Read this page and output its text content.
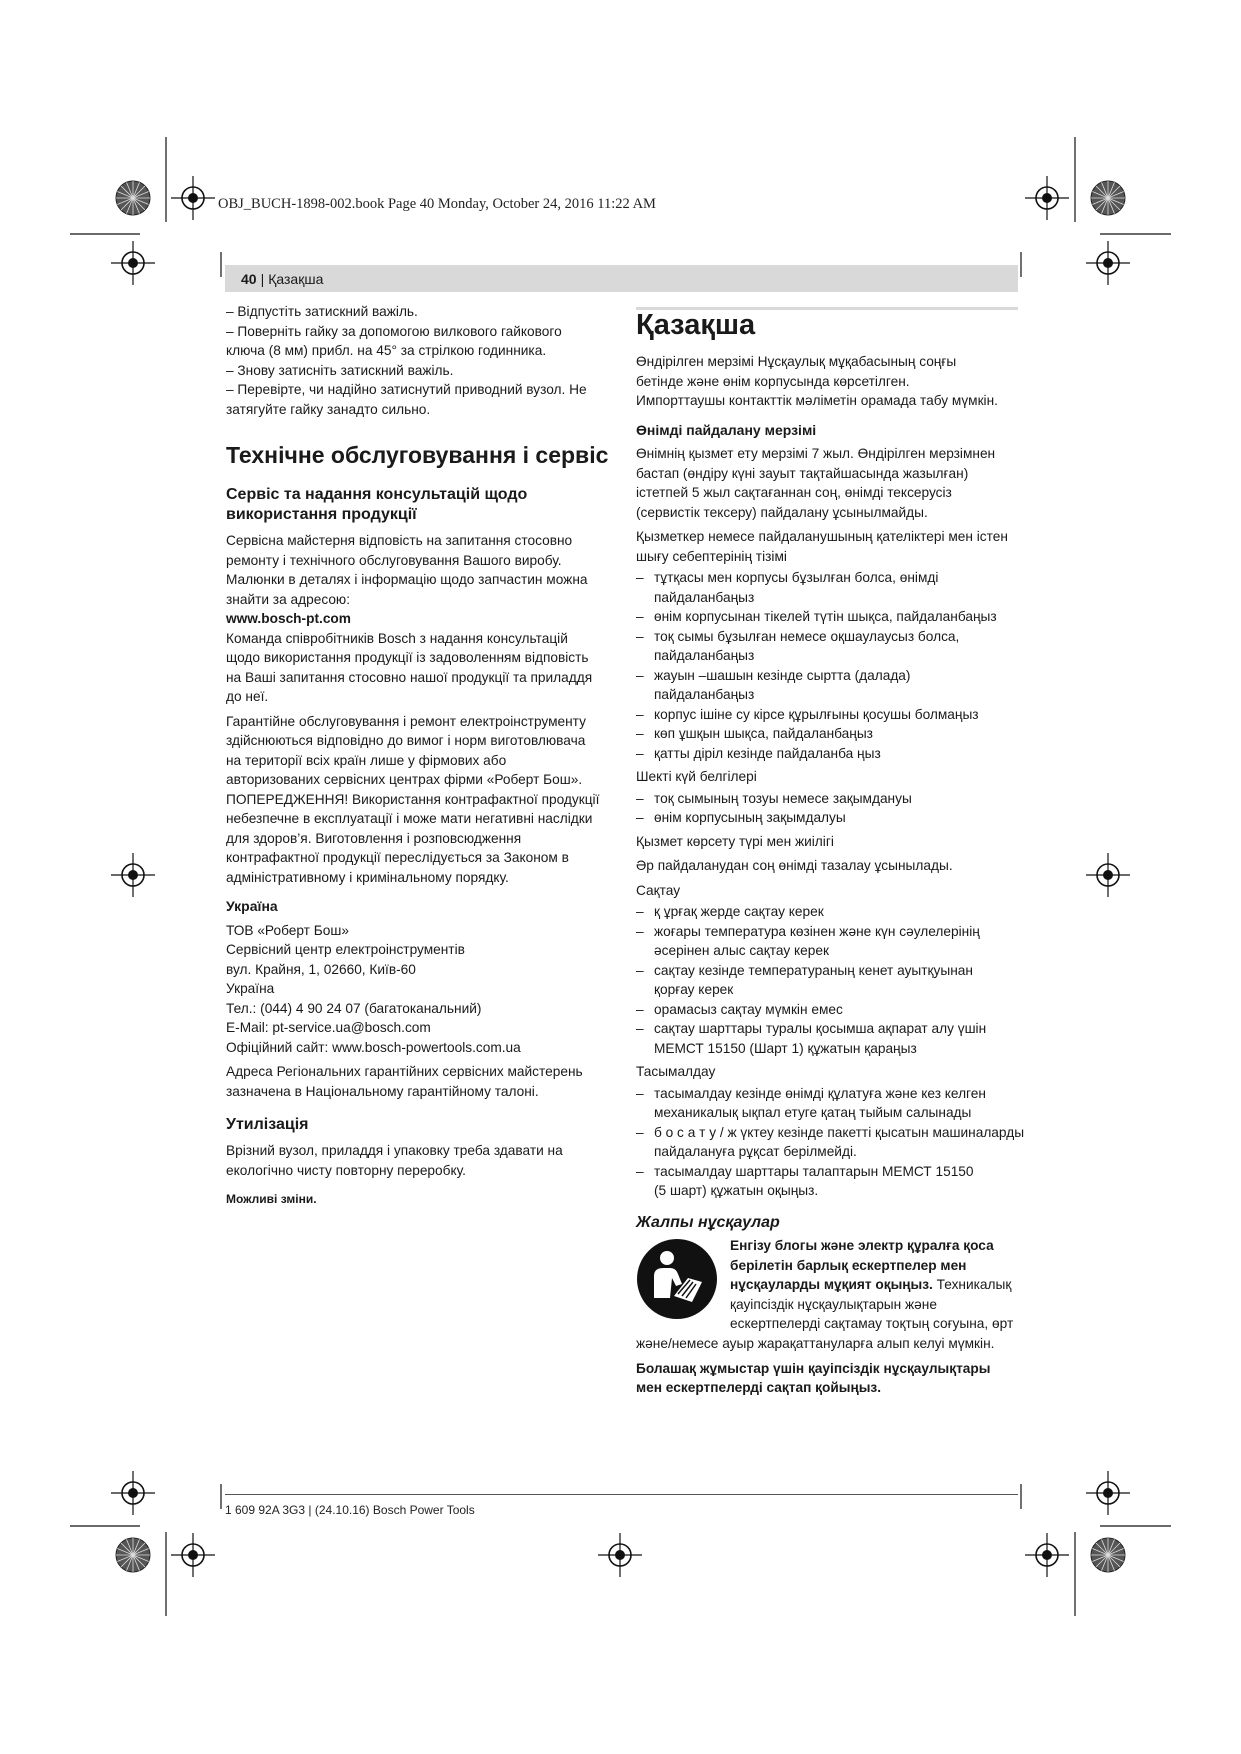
OBJ_BUCH-1898-002.book Page 40 Monday, October 24, 2016 11:22 AM
40 | Қазақша
– Відпустіть затискний важіль.
– Поверніть гайку за допомогою вилкового гайкового
ключа (8 мм) прибл. на 45° за стрілкою годинника.
– Знову затисніть затискний важіль.
– Перевірте, чи надійно затиснутий приводний вузол. Не
затягуйте гайку занадто сильно.
Технічне обслуговування і сервіс
Сервіс та надання консультацій щодо
використання продукції

Сервісна майстерня відповість на запитання стосовно
ремонту і технічного обслуговування Вашого виробу.
Малюнки в деталях і інформацію щодо запчастин можна
знайти за адресою:

www.bosch-pt.com

Команда співробітників Bosch з надання консультацій
щодо використання продукції із задоволенням відповість
на Ваші запитання стосовно нашої продукції та приладдя
до неї.

Гарантійне обслуговування і ремонт електроінструменту
здійснюються відповідно до вимог і норм виготовлювача
на території всіх країн лише у фірмових або
авторизованих сервісних центрах фірми «Роберт Бош».
ПОПЕРЕДЖЕННЯ! Використання контрафактної продукції
небезпечне в експлуатації і може мати негативні наслідки
для здоров’я. Виготовлення і розповсюдження
контрафактної продукції переслідується за Законом в
адміністративному і кримінальному порядку.

Україна

ТОВ «Роберт Бош»
Сервісний центр електроінструментів
вул. Крайня, 1, 02660, Київ-60
Україна
Тел.: (044) 4 90 24 07 (багатоканальний)
E-Mail: pt-service.ua@bosch.com
Офіційний сайт: www.bosch-powertools.com.ua

Адреса Регіональних гарантійних сервісних майстерень
зазначена в Національному гарантійному талоні.

Утилізація

Врізний вузол, приладдя і упаковку треба здавати на
екологічно чисту повторну переробку.

Можливі зміни.

Қазақша

Өндірілген мерзімі Нұсқаулық мұқабасының соңғы
бетінде және өнім корпусында көрсетілген.
Импорттаушы контакттік мәліметін орамада табу мүмкін.

Өнімді пайдалану мерзімі

Өнімнің қызмет ету мерзімі 7 жыл. Өндірілген мерзімнен
бастап (өндіру күні зауыт тақтайшасында жазылған)
істетпей 5 жыл сақтағаннан соң, өнімді тексерусіз
(сервистік тексеру) пайдалану ұсынылмайды.

Қызметкер немесе пайдаланушының қателіктері мен істен
шығу себептерінің тізімі

– тұтқасы мен корпусы бұзылған болса, өнімді
пайдаланбаңыз
– өнім корпусынан тікелей түтін шықса, пайдаланбаңыз
– тоқ сымы бұзылған немесе оқшаулаусыз болса,
пайдаланбаңыз
– жауын –шашын кезінде сыртта (далада)
пайдаланбаңыз
– корпус ішіне су кірсе құрылғыны қосушы болмаңыз
– көп ұшқын шықса, пайдаланбаңыз
– қатты діріл кезінде пайдаланба ңыз

Шекті күй белгілері

– тоқ сымының тозуы немесе зақымдануы
– өнім корпусының зақымдалуы

Қызмет көрсету түрі мен жиілігі

Әр пайдаланудан соң өнімді тазалау ұсынылады.

Сақтау

– қ ұрғақ жерде сақтау керек
– жоғары температура көзінен және күн сәулелерінің
әсерінен алыс сақтау керек
– сақтау кезінде температураның кенет ауытқуынан
қорғау керек
– орамасыз сақтау мүмкін емес
– сақтау шарттары туралы қосымша ақпарат алу үшін
МЕМСТ 15150 (Шарт 1) құжатын қараңыз

Тасымалдау

– тасымалдау кезінде өнімді құлатуға және кез келген
механикалық ықпал етуге қатаң тыйым салынады
– б о с а т у / ж үктеу кезінде пакетті қысатын машиналарды
пайдалануға рұқсат берілмейді.
– тасымалдау шарттары талаптарын МЕМСТ 15150
(5 шарт) құжатын оқыңыз.
Жалпы нұсқаулар

Енгізу блогы және электр құралға қоса
берілетін барлық ескертпелер мен
нұсқауларды мұқият оқыңыз. Техникалық
қауіпсіздік нұсқаулықтарын және
ескертпелерді сақтамау тоқтың соғуына, өрт

және/немесе ауыр жарақаттануларға алып келуі мүмкін.

Болашақ жұмыстар үшін қауіпсіздік нұсқаулықтары
мен ескертпелерді сақтап қойыңыз.

1 609 92A 3G3 | (24.10.16) Bosch Power Tools
